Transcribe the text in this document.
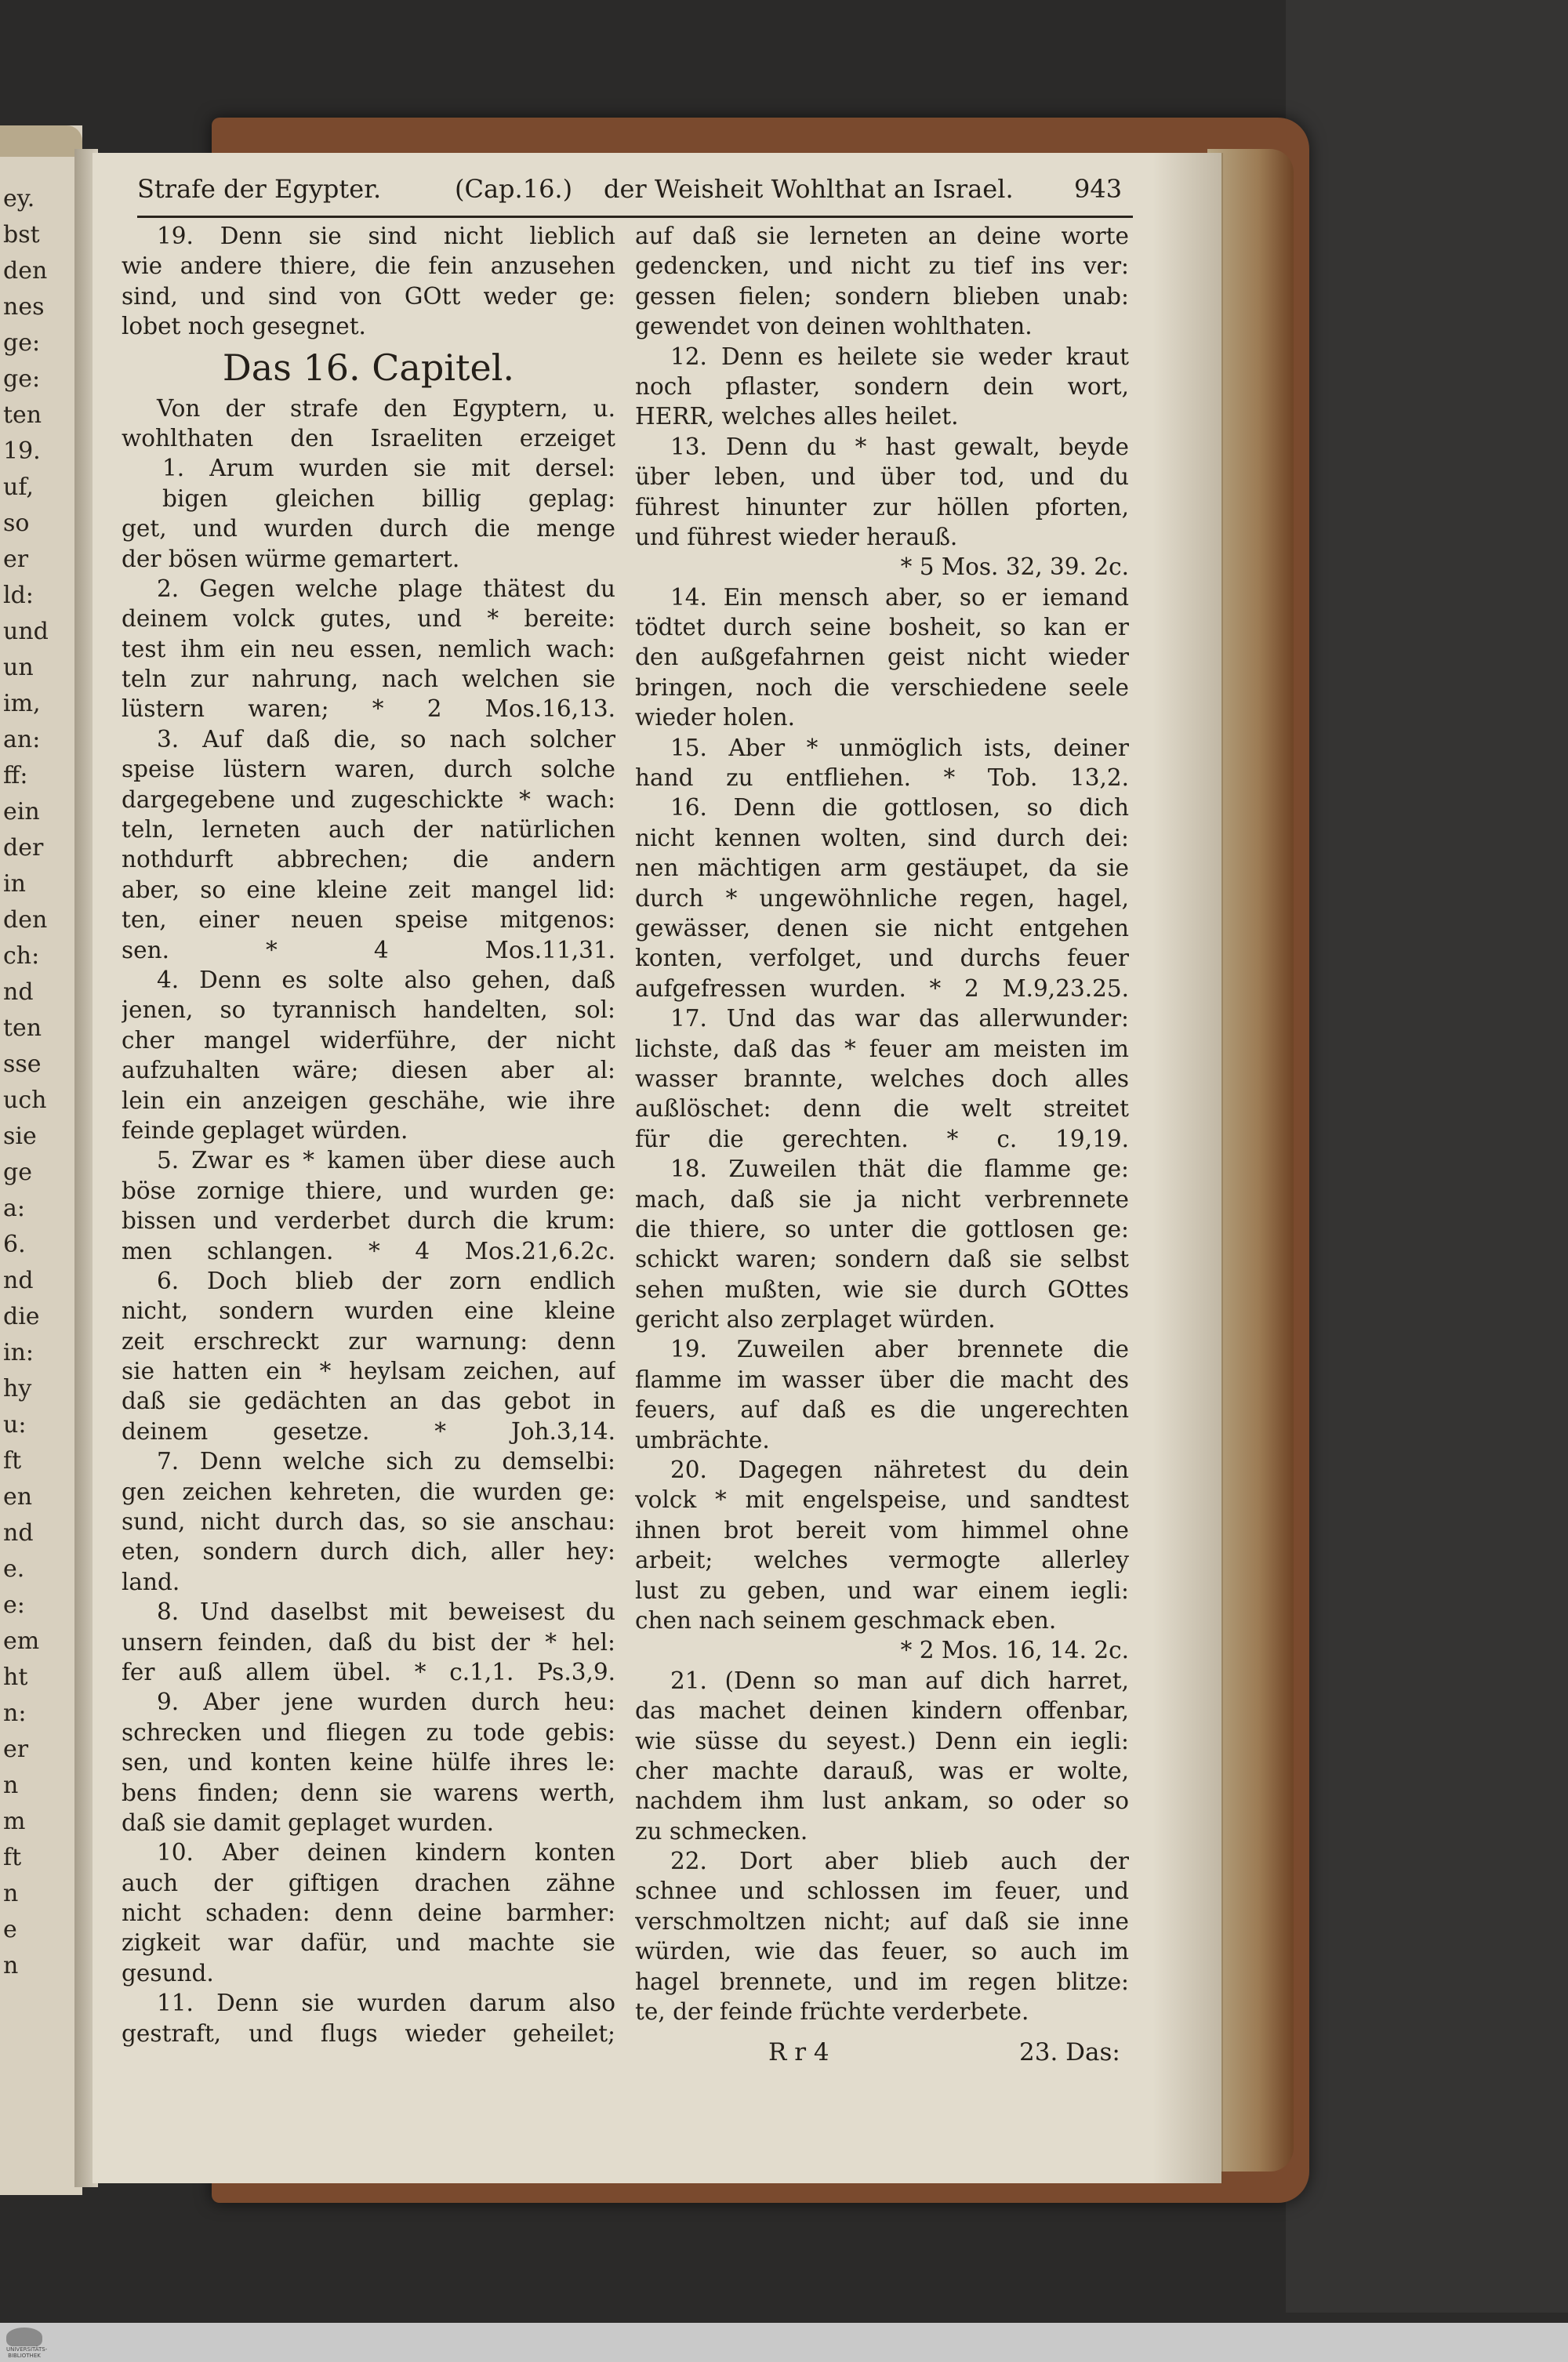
ey.
bst
den
nes
ge:
ge:
ten
19.
uf,
so
er
ld:
und
un
im,
an:
ff:
ein
der
in
den
ch:
nd
ten
sse
uch
sie
ge
a:
6.
nd
die
in:
hy
u:
ft
en
nd
e.
e:
em
ht
n:
er
n
m
ft
n
e
n
Strafe der Egypter.	(Cap.16.) der Weisheit Wohlthat an Israel. 943
19. Denn sie sind nicht lieblich
wie andere thiere, die fein anzusehen
sind, und sind von GOtt weder ge:
lobet noch gesegnet.
Das 16. Capitel.
Von der strafe den Egyptern, u.
wohlthaten den Israeliten erzeiget
1. Arum wurden sie mit dersel:
bigen gleichen billig geplag:
get, und wurden durch die menge
der bösen würme gemartert.
2. Gegen welche plage thätest du
deinem volck gutes, und * bereite:
test ihm ein neu essen, nemlich wach:
teln zur nahrung, nach welchen sie
lüstern waren; * 2 Mos.16,13.
3. Auf daß die, so nach solcher
speise lüstern waren, durch solche
dargegebene und zugeschickte * wach:
teln, lerneten auch der natürlichen
nothdurft abbrechen; die andern
aber, so eine kleine zeit mangel lid:
ten, einer neuen speise mitgenos:
sen. * 4 Mos.11,31.
4. Denn es solte also gehen, daß
jenen, so tyrannisch handelten, sol:
cher mangel widerführe, der nicht
aufzuhalten wäre; diesen aber al:
lein ein anzeigen geschähe, wie ihre
feinde geplaget würden.
5. Zwar es * kamen über diese auch
böse zornige thiere, und wurden ge:
bissen und verderbet durch die krum:
men schlangen. * 4 Mos.21,6.2c.
6. Doch blieb der zorn endlich
nicht, sondern wurden eine kleine
zeit erschreckt zur warnung: denn
sie hatten ein * heylsam zeichen, auf
daß sie gedächten an das gebot in
deinem gesetze. * Joh.3,14.
7. Denn welche sich zu demselbi:
gen zeichen kehreten, die wurden ge:
sund, nicht durch das, so sie anschau:
eten, sondern durch dich, aller hey:
land.
8. Und daselbst mit beweisest du
unsern feinden, daß du bist der * hel:
fer auß allem übel. * c.1,1. Ps.3,9.
9. Aber jene wurden durch heu:
schrecken und fliegen zu tode gebis:
sen, und konten keine hülfe ihres le:
bens finden; denn sie warens werth,
daß sie damit geplaget wurden.
10. Aber deinen kindern konten
auch der giftigen drachen zähne
nicht schaden: denn deine barmher:
zigkeit war dafür, und machte sie
gesund.
11. Denn sie wurden darum also
gestraft, und flugs wieder geheilet;
auf daß sie lerneten an deine worte
gedencken, und nicht zu tief ins ver:
gessen fielen; sondern blieben unab:
gewendet von deinen wohlthaten.
12. Denn es heilete sie weder kraut
noch pflaster, sondern dein wort,
HERR, welches alles heilet.
13. Denn du * hast gewalt, beyde
über leben, und über tod, und du
führest hinunter zur höllen pforten,
und führest wieder herauß.
* 5 Mos. 32, 39. 2c.
14. Ein mensch aber, so er iemand
tödtet durch seine bosheit, so kan er
den außgefahrnen geist nicht wieder
bringen, noch die verschiedene seele
wieder holen.
15. Aber * unmöglich ists, deiner
hand zu entfliehen. * Tob. 13,2.
16. Denn die gottlosen, so dich
nicht kennen wolten, sind durch dei:
nen mächtigen arm gestäupet, da sie
durch * ungewöhnliche regen, hagel,
gewässer, denen sie nicht entgehen
konten, verfolget, und durchs feuer
aufgefressen wurden. * 2 M.9,23.25.
17. Und das war das allerwunder:
lichste, daß das * feuer am meisten im
wasser brannte, welches doch alles
außlöschet: denn die welt streitet
für die gerechten. * c. 19,19.
18. Zuweilen thät die flamme ge:
mach, daß sie ja nicht verbrennete
die thiere, so unter die gottlosen ge:
schickt waren; sondern daß sie selbst
sehen mußten, wie sie durch GOttes
gericht also zerplaget würden.
19. Zuweilen aber brennete die
flamme im wasser über die macht des
feuers, auf daß es die ungerechten
umbrächte.
20. Dagegen nähretest du dein
volck * mit engelspeise, und sandtest
ihnen brot bereit vom himmel ohne
arbeit; welches vermogte allerley
lust zu geben, und war einem iegli:
chen nach seinem geschmack eben.
* 2 Mos. 16, 14. 2c.
21. (Denn so man auf dich harret,
das machet deinen kindern offenbar,
wie süsse du seyest.) Denn ein iegli:
cher machte darauß, was er wolte,
nachdem ihm lust ankam, so oder so
zu schmecken.
22. Dort aber blieb auch der
schnee und schlossen im feuer, und
verschmoltzen nicht; auf daß sie inne
würden, wie das feuer, so auch im
hagel brennete, und im regen blitze:
te, der feinde früchte verderbete.
R r 4	23. Das:
UNIVERSITÄTS- BIBLIOTHEK
